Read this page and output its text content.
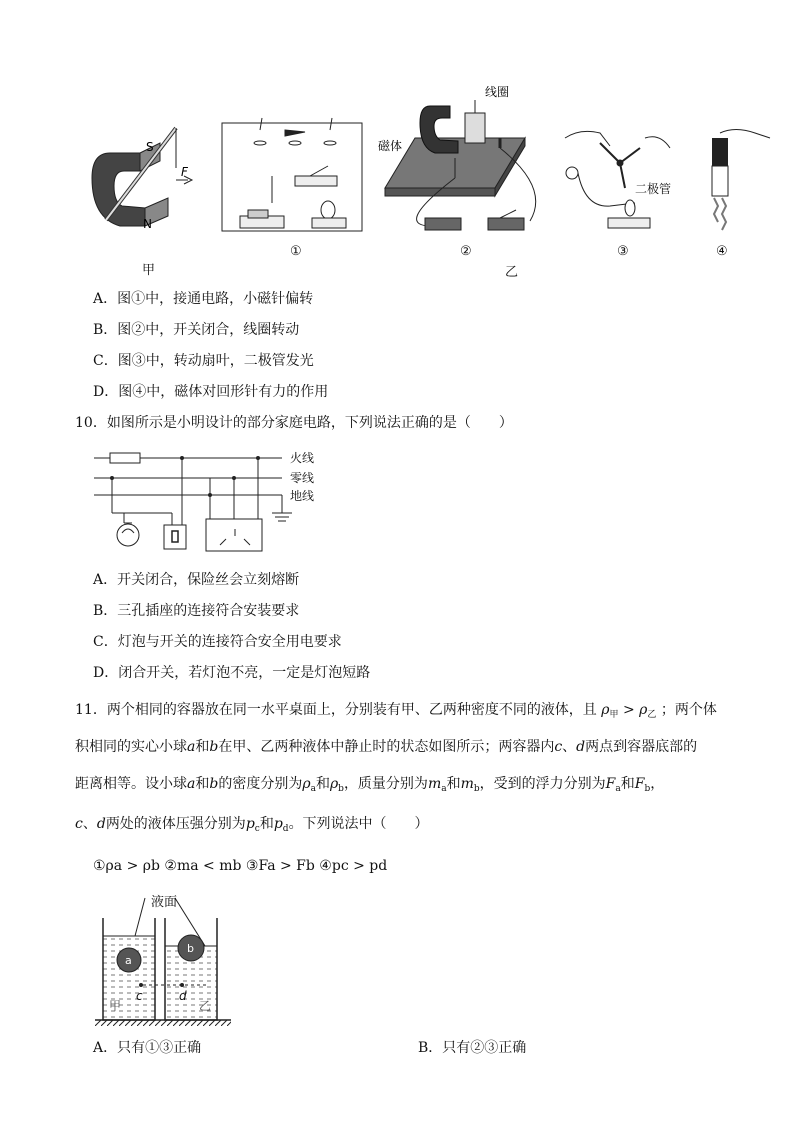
S
N
F
线圈
磁体
二极管
甲
①	②
乙
③	④
A．图①中，接通电路，小磁针偏转
B．图②中，开关闭合，线圈转动
C．图③中，转动扇叶，二极管发光
D．图④中，磁体对回形针有力的作用
10．如图所示是小明设计的部分家庭电路，下列说法正确的是（　　）
火线
零线
地线
A．开关闭合，保险丝会立刻熔断
B．三孔插座的连接符合安装要求
C．灯泡与开关的连接符合安全用电要求
D．闭合开关，若灯泡不亮，一定是灯泡短路
11．两个相同的容器放在同一水平桌面上，分别装有甲、乙两种密度不同的液体，且 $\rho_甲 > \rho_乙$ ；两个体
积相同的实心小球a和b在甲、乙两种液体中静止时的状态如图所示；两容器内c、d两点到容器底部的
距离相等。设小球a和b的密度分别为$\rho_a$和$\rho_b$，质量分别为$m_a$和$m_b$，受到的浮力分别为$F_a$和$F_b$，
c、d两处的液体压强分别为$p_c$和$p_d$。下列说法中（　　）
①ρa > ρb ②ma < mb ③Fa > Fb ④pc > pd
液面
a
b
c	d
甲	乙
A．只有①③正确	B．只有②③正确
